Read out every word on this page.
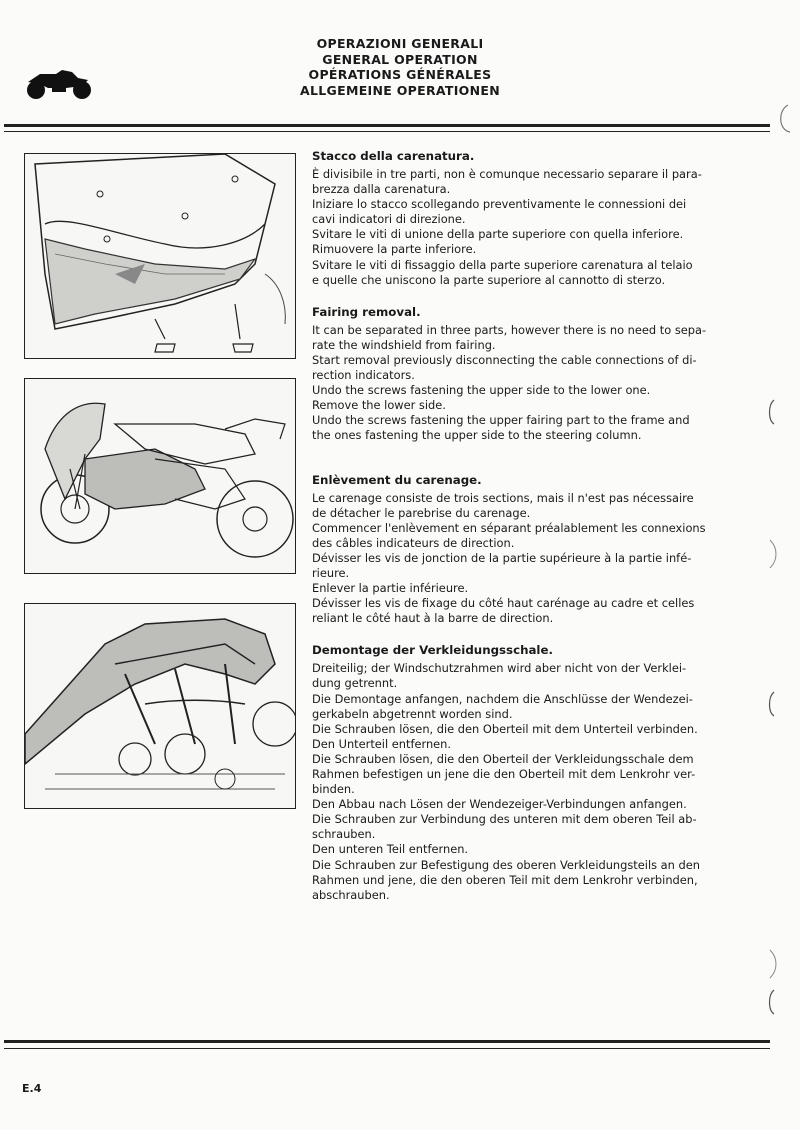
OPERAZIONI GENERALI
GENERAL OPERATION
OPÉRATIONS GÉNÉRALES
ALLGEMEINE OPERATIONEN
Stacco della carenatura.

È divisibile in tre parti, non è comunque necessario separare il para-
brezza dalla carenatura.
Iniziare lo stacco scollegando preventivamente le connessioni dei
cavi indicatori di direzione.
Svitare le viti di unione della parte superiore con quella inferiore.
Rimuovere la parte inferiore.
Svitare le viti di fissaggio della parte superiore carenatura al telaio
e quelle che uniscono la parte superiore al cannotto di sterzo.

Fairing removal.

It can be separated in three parts, however there is no need to sepa-
rate the windshield from fairing.
Start removal previously disconnecting the cable connections of di-
rection indicators.
Undo the screws fastening the upper side to the lower one.
Remove the lower side.
Undo the screws fastening the upper fairing part to the frame and
the ones fastening the upper side to the steering column.

Enlèvement du carenage.

Le carenage consiste de trois sections, mais il n'est pas nécessaire
de détacher le parebrise du carenage.
Commencer l'enlèvement en séparant préalablement les connexions
des câbles indicateurs de direction.
Dévisser les vis de jonction de la partie supérieure à la partie infé-
rieure.
Enlever la partie inférieure.
Dévisser les vis de fixage du côté haut carénage au cadre et celles
reliant le côté haut à la barre de direction.

Demontage der Verkleidungsschale.

Dreiteilig; der Windschutzrahmen wird aber nicht von der Verklei-
dung getrennt.
Die Demontage anfangen, nachdem die Anschlüsse der Wendezei-
gerkabeln abgetrennt worden sind.
Die Schrauben lösen, die den Oberteil mit dem Unterteil verbinden.
Den Unterteil entfernen.
Die Schrauben lösen, die den Oberteil der Verkleidungsschale dem
Rahmen befestigen un jene die den Oberteil mit dem Lenkrohr ver-
binden.
Den Abbau nach Lösen der Wendezeiger-Verbindungen anfangen.
Die Schrauben zur Verbindung des unteren mit dem oberen Teil ab-
schrauben.
Den unteren Teil entfernen.
Die Schrauben zur Befestigung des oberen Verkleidungsteils an den
Rahmen und jene, die den oberen Teil mit dem Lenkrohr verbinden,
abschrauben.

E.4
